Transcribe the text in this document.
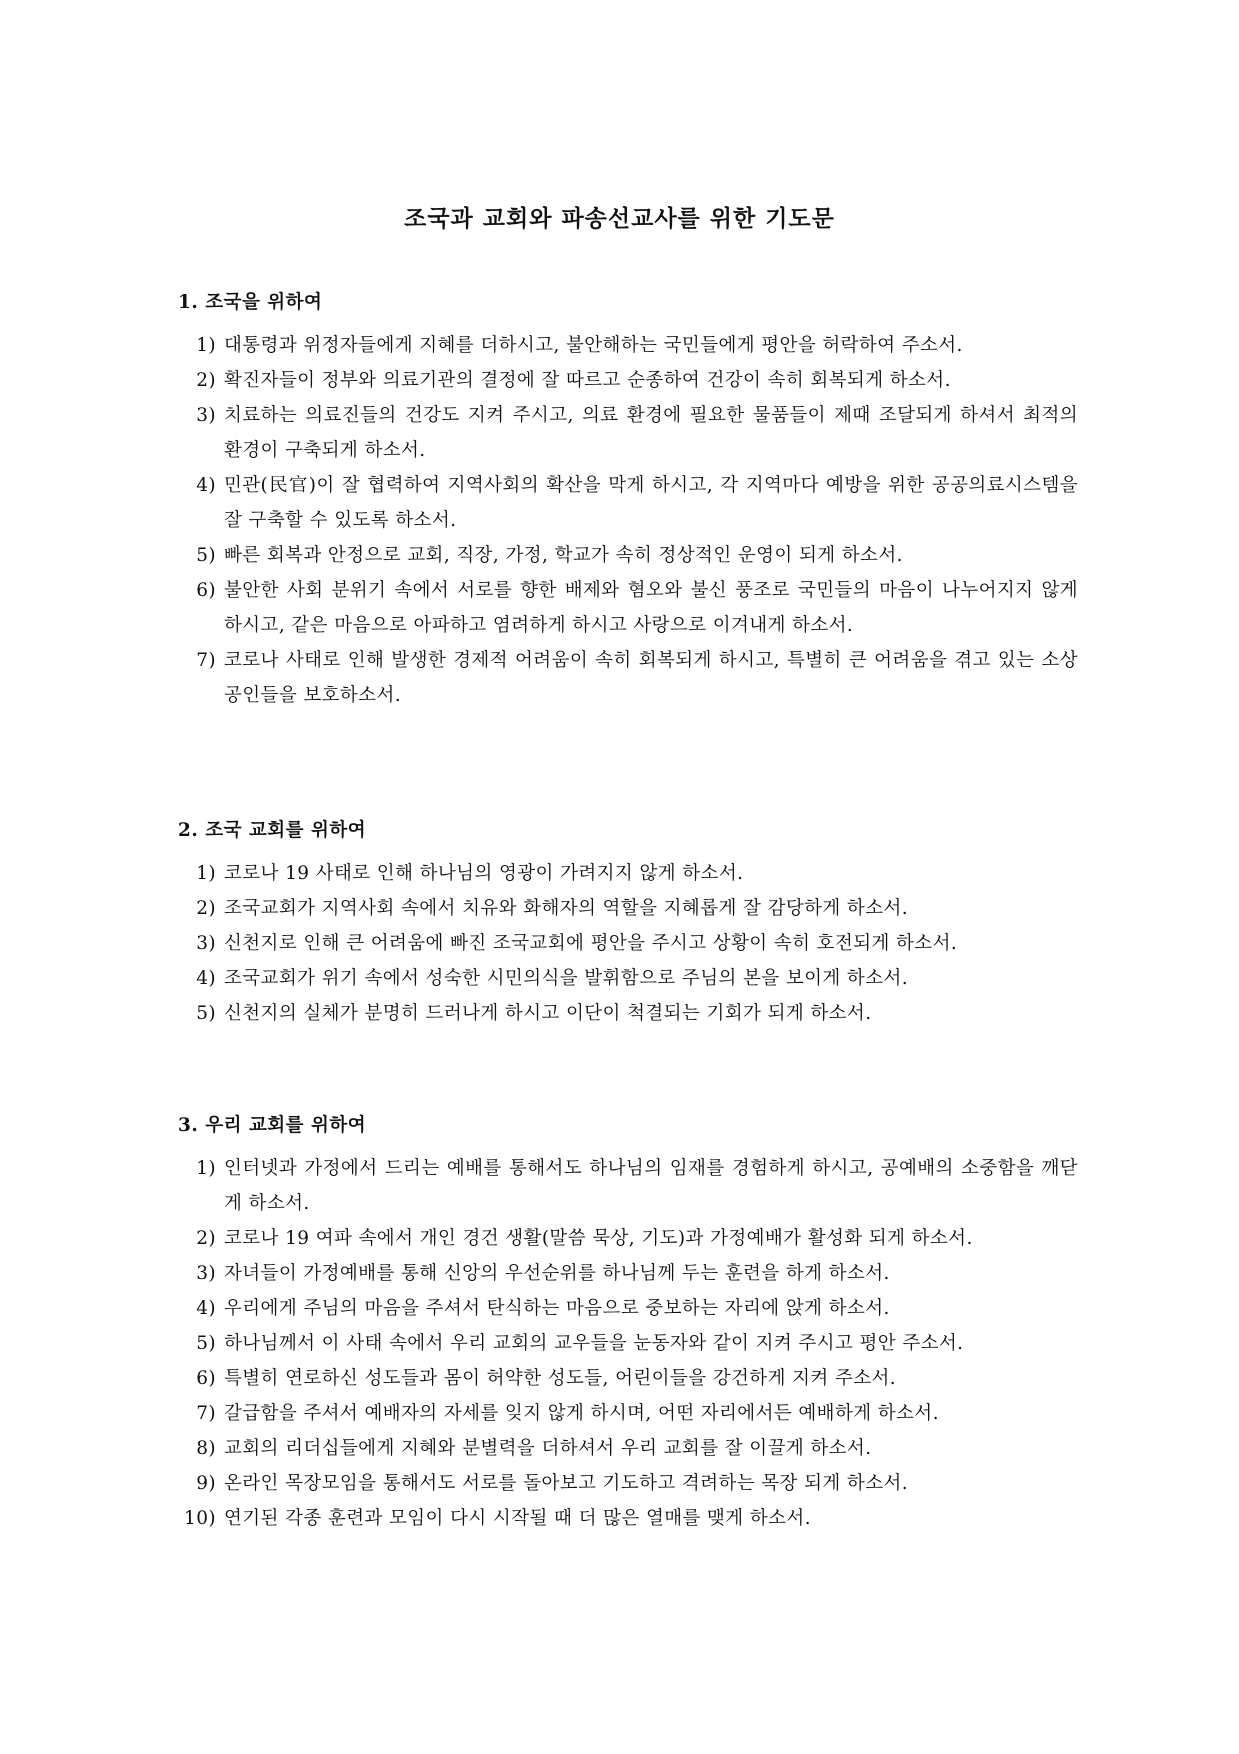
조국과 교회와 파송선교사를 위한 기도문
1. 조국을 위하여
1) 대통령과 위정자들에게 지혜를 더하시고, 불안해하는 국민들에게 평안을 허락하여 주소서.
2) 확진자들이 정부와 의료기관의 결정에 잘 따르고 순종하여 건강이 속히 회복되게 하소서.
3) 치료하는 의료진들의 건강도 지켜 주시고, 의료 환경에 필요한 물품들이 제때 조달되게 하셔서 최적의 환경이 구축되게 하소서.
4) 민관(民官)이 잘 협력하여 지역사회의 확산을 막게 하시고, 각 지역마다 예방을 위한 공공의료시스템을 잘 구축할 수 있도록 하소서.
5) 빠른 회복과 안정으로 교회, 직장, 가정, 학교가 속히 정상적인 운영이 되게 하소서.
6) 불안한 사회 분위기 속에서 서로를 향한 배제와 혐오와 불신 풍조로 국민들의 마음이 나누어지지 않게 하시고, 같은 마음으로 아파하고 염려하게 하시고 사랑으로 이겨내게 하소서.
7) 코로나 사태로 인해 발생한 경제적 어려움이 속히 회복되게 하시고, 특별히 큰 어려움을 겪고 있는 소상공인들을 보호하소서.
2. 조국 교회를 위하여
1) 코로나 19 사태로 인해 하나님의 영광이 가려지지 않게 하소서.
2) 조국교회가 지역사회 속에서 치유와 화해자의 역할을 지혜롭게 잘 감당하게 하소서.
3) 신천지로 인해 큰 어려움에 빠진 조국교회에 평안을 주시고 상황이 속히 호전되게 하소서.
4) 조국교회가 위기 속에서 성숙한 시민의식을 발휘함으로 주님의 본을 보이게 하소서.
5) 신천지의 실체가 분명히 드러나게 하시고 이단이 척결되는 기회가 되게 하소서.
3. 우리 교회를 위하여
1) 인터넷과 가정에서 드리는 예배를 통해서도 하나님의 임재를 경험하게 하시고, 공예배의 소중함을 깨닫게 하소서.
2) 코로나 19 여파 속에서 개인 경건 생활(말씀 묵상, 기도)과 가정예배가 활성화 되게 하소서.
3) 자녀들이 가정예배를 통해 신앙의 우선순위를 하나님께 두는 훈련을 하게 하소서.
4) 우리에게 주님의 마음을 주셔서 탄식하는 마음으로 중보하는 자리에 앉게 하소서.
5) 하나님께서 이 사태 속에서 우리 교회의 교우들을 눈동자와 같이 지켜 주시고 평안 주소서.
6) 특별히 연로하신 성도들과 몸이 허약한 성도들, 어린이들을 강건하게 지켜 주소서.
7) 갈급함을 주셔서 예배자의 자세를 잊지 않게 하시며, 어떤 자리에서든 예배하게 하소서.
8) 교회의 리더십들에게 지혜와 분별력을 더하셔서 우리 교회를 잘 이끌게 하소서.
9) 온라인 목장모임을 통해서도 서로를 돌아보고 기도하고 격려하는 목장 되게 하소서.
10) 연기된 각종 훈련과 모임이 다시 시작될 때 더 많은 열매를 맺게 하소서.
